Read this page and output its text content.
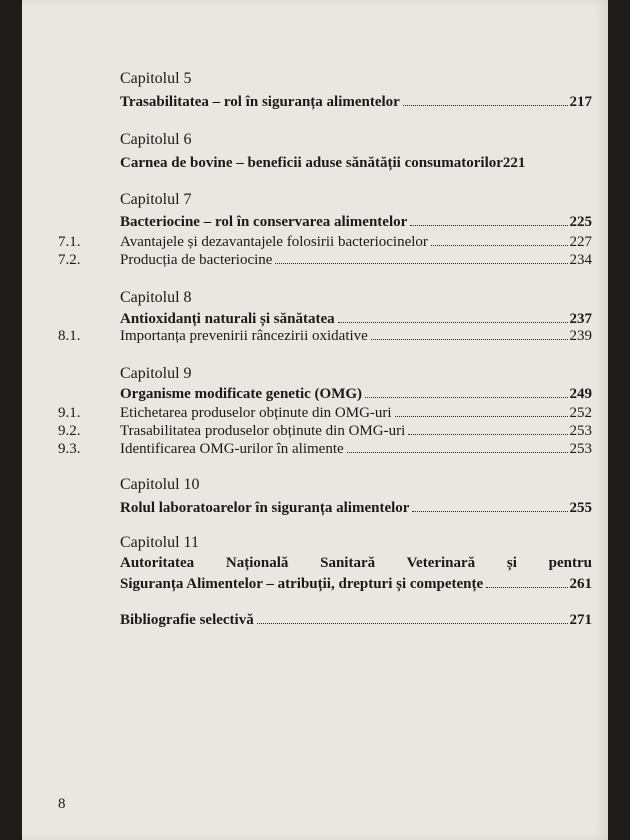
Capitolul 5
Trasabilitatea – rol în siguranța alimentelor	217
Capitolul 6
Carnea de bovine – beneficii aduse sănătății consumatorilor 221
Capitolul 7
Bacteriocine – rol în conservarea alimentelor	225
7.1.	Avantajele și dezavantajele folosirii bacteriocinelor	227
7.2.	Producția de bacteriocine	234
Capitolul 8
Antioxidanți naturali și sănătatea	237
8.1.	Importanța prevenirii râncezirii oxidative	239
Capitolul 9
Organisme modificate genetic (OMG)	249
9.1.	Etichetarea produselor obținute din OMG-uri	252
9.2.	Trasabilitatea produselor obținute din OMG-uri	253
9.3.	Identificarea OMG-urilor în alimente	253
Capitolul 10
Rolul laboratoarelor în siguranța alimentelor	255
Capitolul 11
Autoritatea Națională Sanitară Veterinară și pentru
Siguranța Alimentelor – atribuții, drepturi și competențe	261
Bibliografie selectivă	271
8
